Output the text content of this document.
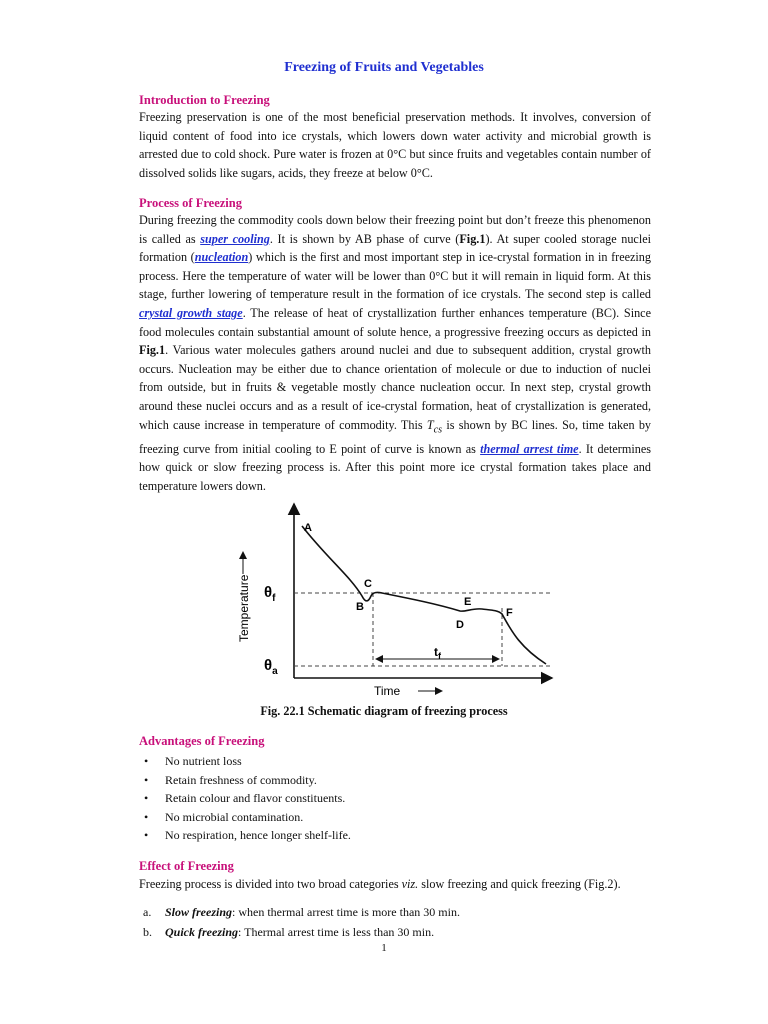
Freezing of Fruits and Vegetables
Introduction to Freezing

Freezing preservation is one of the most beneficial preservation methods. It involves, conversion of liquid content of food into ice crystals, which lowers down water activity and microbial growth is arrested due to cold shock. Pure water is frozen at 0°C but since fruits and vegetables contain number of dissolved solids like sugars, acids, they freeze at below 0°C.

Process of Freezing

During freezing the commodity cools down below their freezing point but don’t freeze this phenomenon is called as super cooling. It is shown by AB phase of curve (Fig.1). At super cooled storage nuclei formation (nucleation) which is the first and most important step in ice-crystal formation in in freezing process. Here the temperature of water will be lower than 0°C but it will remain in liquid form. At this stage, further lowering of temperature result in the formation of ice crystals. The second step is called crystal growth stage. The release of heat of crystallization further enhances temperature (BC). Since food molecules contain substantial amount of solute hence, a progressive freezing occurs as depicted in Fig.1. Various water molecules gathers around nuclei and due to subsequent addition, crystal growth occurs. Nucleation may be either due to chance orientation of molecule or due to induction of nuclei from outside, but in fruits & vegetable mostly chance nucleation occur. In next step, crystal growth around these nuclei occurs and as a result of ice-crystal formation, heat of crystallization is generated, which cause increase in temperature of commodity. This $T_{cs}$ is shown by BC lines. So, time taken by freezing curve from initial cooling to E point of curve is known as thermal arrest time. It determines how quick or slow freezing process is. After this point more ice crystal formation takes place and temperature lowers down.

A
B
C
D
E
F
$\theta_f$
$\theta_a$
$t_f$
Temperature
Time
Fig. 22.1 Schematic diagram of freezing process
Advantages of Freezing
• No nutrient loss
• Retain freshness of commodity.
• Retain colour and flavor constituents.
• No microbial contamination.
• No respiration, hence longer shelf-life.
Effect of Freezing

Freezing process is divided into two broad categories viz. slow freezing and quick freezing (Fig.2).

a. Slow freezing: when thermal arrest time is more than 30 min.
b. Quick freezing: Thermal arrest time is less than 30 min.
1
